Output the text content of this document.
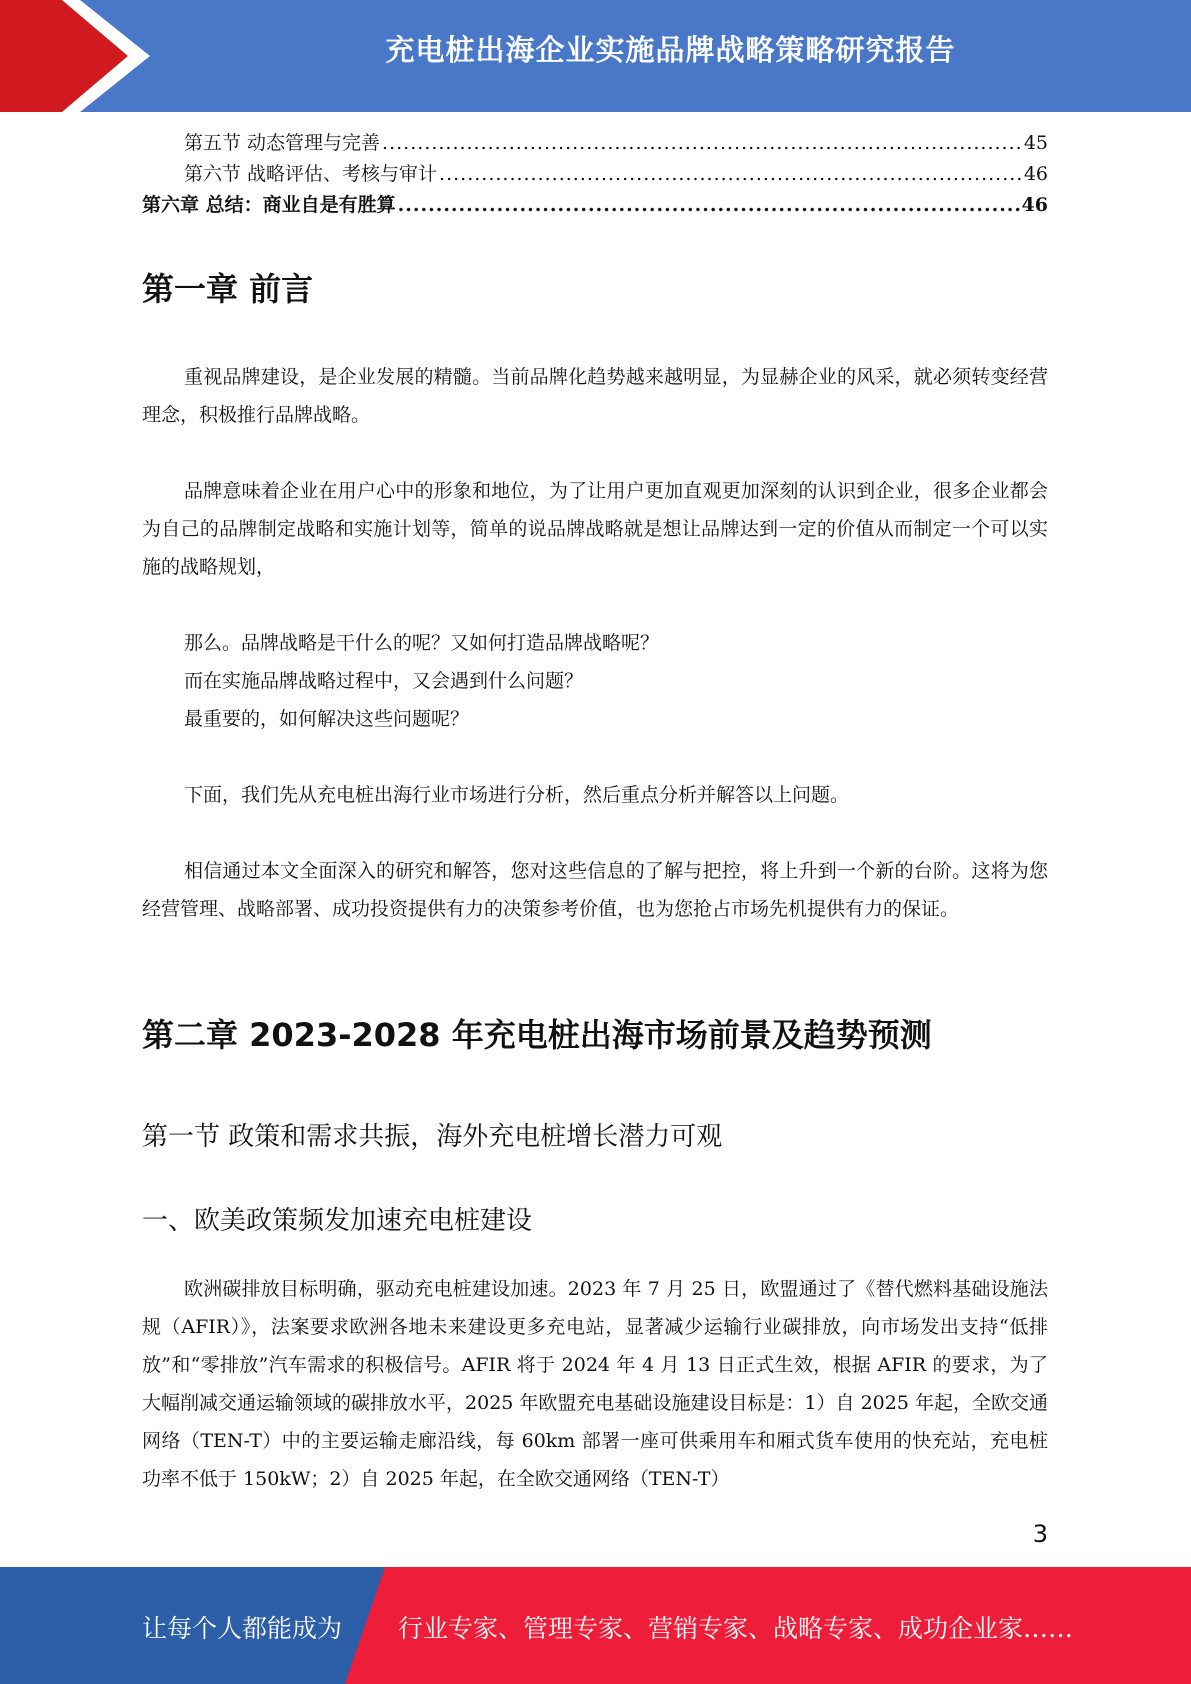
充电桩出海企业实施品牌战略策略研究报告
第五节 动态管理与完善 .....	45
第六节 战略评估、考核与审计 .....	46
第六章 总结：商业自是有胜算 .....	46
第一章 前言

重视品牌建设，是企业发展的精髓。当前品牌化趋势越来越明显，为显赫企业的风采，就必须转变经营理念，积极推行品牌战略。

品牌意味着企业在用户心中的形象和地位，为了让用户更加直观更加深刻的认识到企业，很多企业都会为自己的品牌制定战略和实施计划等，简单的说品牌战略就是想让品牌达到一定的价值从而制定一个可以实施的战略规划，

那么。品牌战略是干什么的呢？又如何打造品牌战略呢？

而在实施品牌战略过程中，又会遇到什么问题？

最重要的，如何解决这些问题呢？

下面，我们先从充电桩出海行业市场进行分析，然后重点分析并解答以上问题。

相信通过本文全面深入的研究和解答，您对这些信息的了解与把控，将上升到一个新的台阶。这将为您经营管理、战略部署、成功投资提供有力的决策参考价值，也为您抢占市场先机提供有力的保证。

第二章 2023-2028 年充电桩出海市场前景及趋势预测
第一节 政策和需求共振，海外充电桩增长潜力可观
一、欧美政策频发加速充电桩建设

欧洲碳排放目标明确，驱动充电桩建设加速。2023 年 7 月 25 日，欧盟通过了《替代燃料基础设施法规（AFIR）》，法案要求欧洲各地未来建设更多充电站，显著减少运输行业碳排放，向市场发出支持“低排放”和“零排放”汽车需求的积极信号。AFIR 将于 2024 年 4 月 13 日正式生效，根据 AFIR 的要求，为了大幅削减交通运输领域的碳排放水平，2025 年欧盟充电基础设施建设目标是：1）自 2025 年起，全欧交通网络（TEN-T）中的主要运输走廊沿线，每 60km 部署一座可供乘用车和厢式货车使用的快充站，充电桩功率不低于 150kW；2）自 2025 年起，在全欧交通网络（TEN-T）

3
让每个人都能成为 行业专家、管理专家、营销专家、战略专家、成功企业家……
